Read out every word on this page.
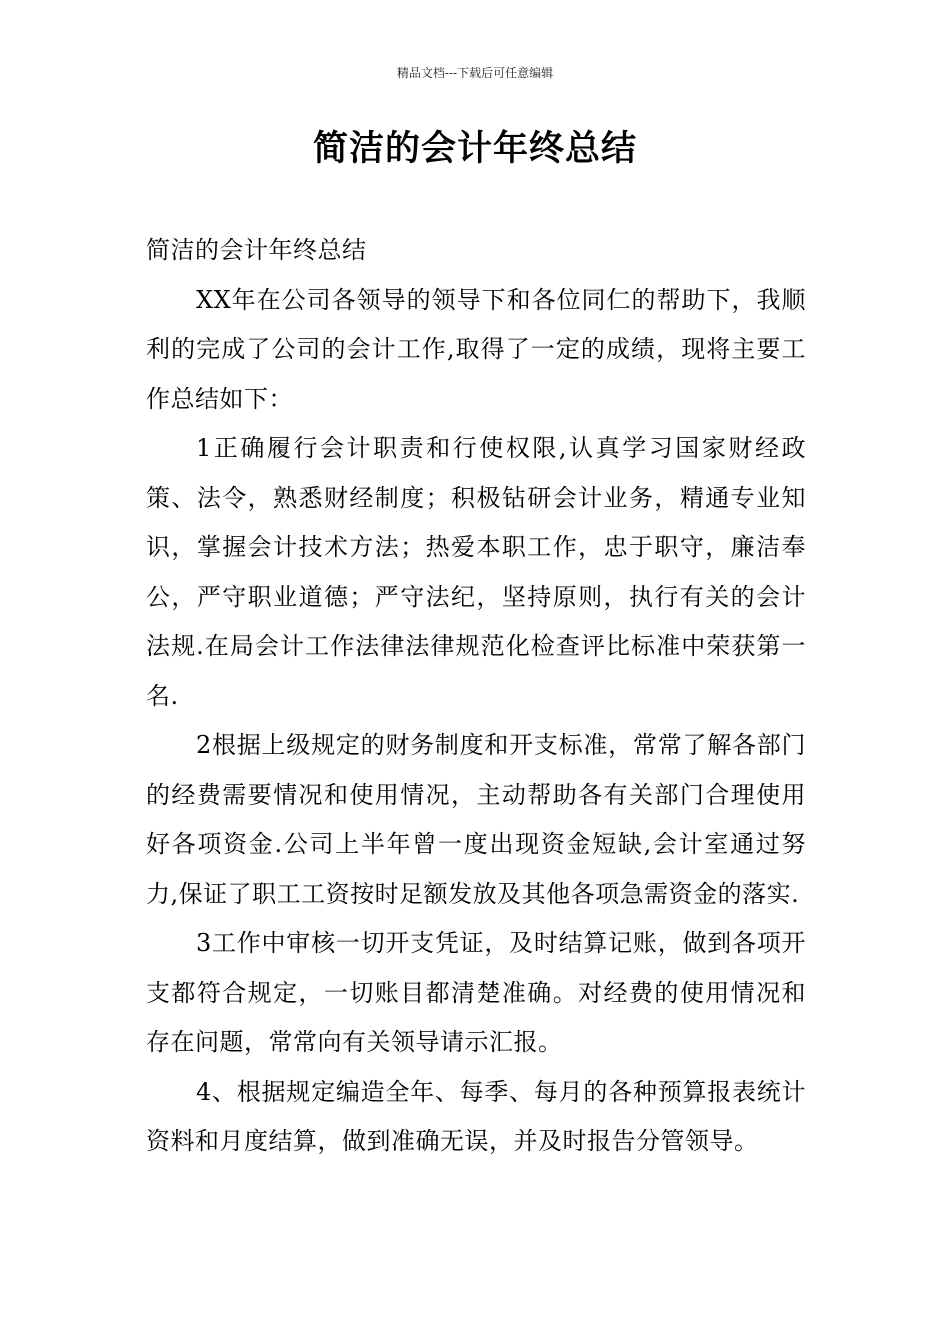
精品文档---下载后可任意编辑
简洁的会计年终总结

简洁的会计年终总结

XX年在公司各领导的领导下和各位同仁的帮助下，我顺利的完成了公司的会计工作,取得了一定的成绩，现将主要工作总结如下：

1正确履行会计职责和行使权限,认真学习国家财经政策、法令，熟悉财经制度；积极钻研会计业务，精通专业知识，掌握会计技术方法；热爱本职工作，忠于职守，廉洁奉公，严守职业道德；严守法纪，坚持原则，执行有关的会计法规.在局会计工作法律法律规范化检查评比标准中荣获第一名.

2根据上级规定的财务制度和开支标准，常常了解各部门的经费需要情况和使用情况，主动帮助各有关部门合理使用好各项资金.公司上半年曾一度出现资金短缺,会计室通过努力,保证了职工工资按时足额发放及其他各项急需资金的落实.

3工作中审核一切开支凭证，及时结算记账，做到各项开支都符合规定，一切账目都清楚准确。对经费的使用情况和存在问题，常常向有关领导请示汇报。

4、根据规定编造全年、每季、每月的各种预算报表统计资料和月度结算，做到准确无误，并及时报告分管领导。
